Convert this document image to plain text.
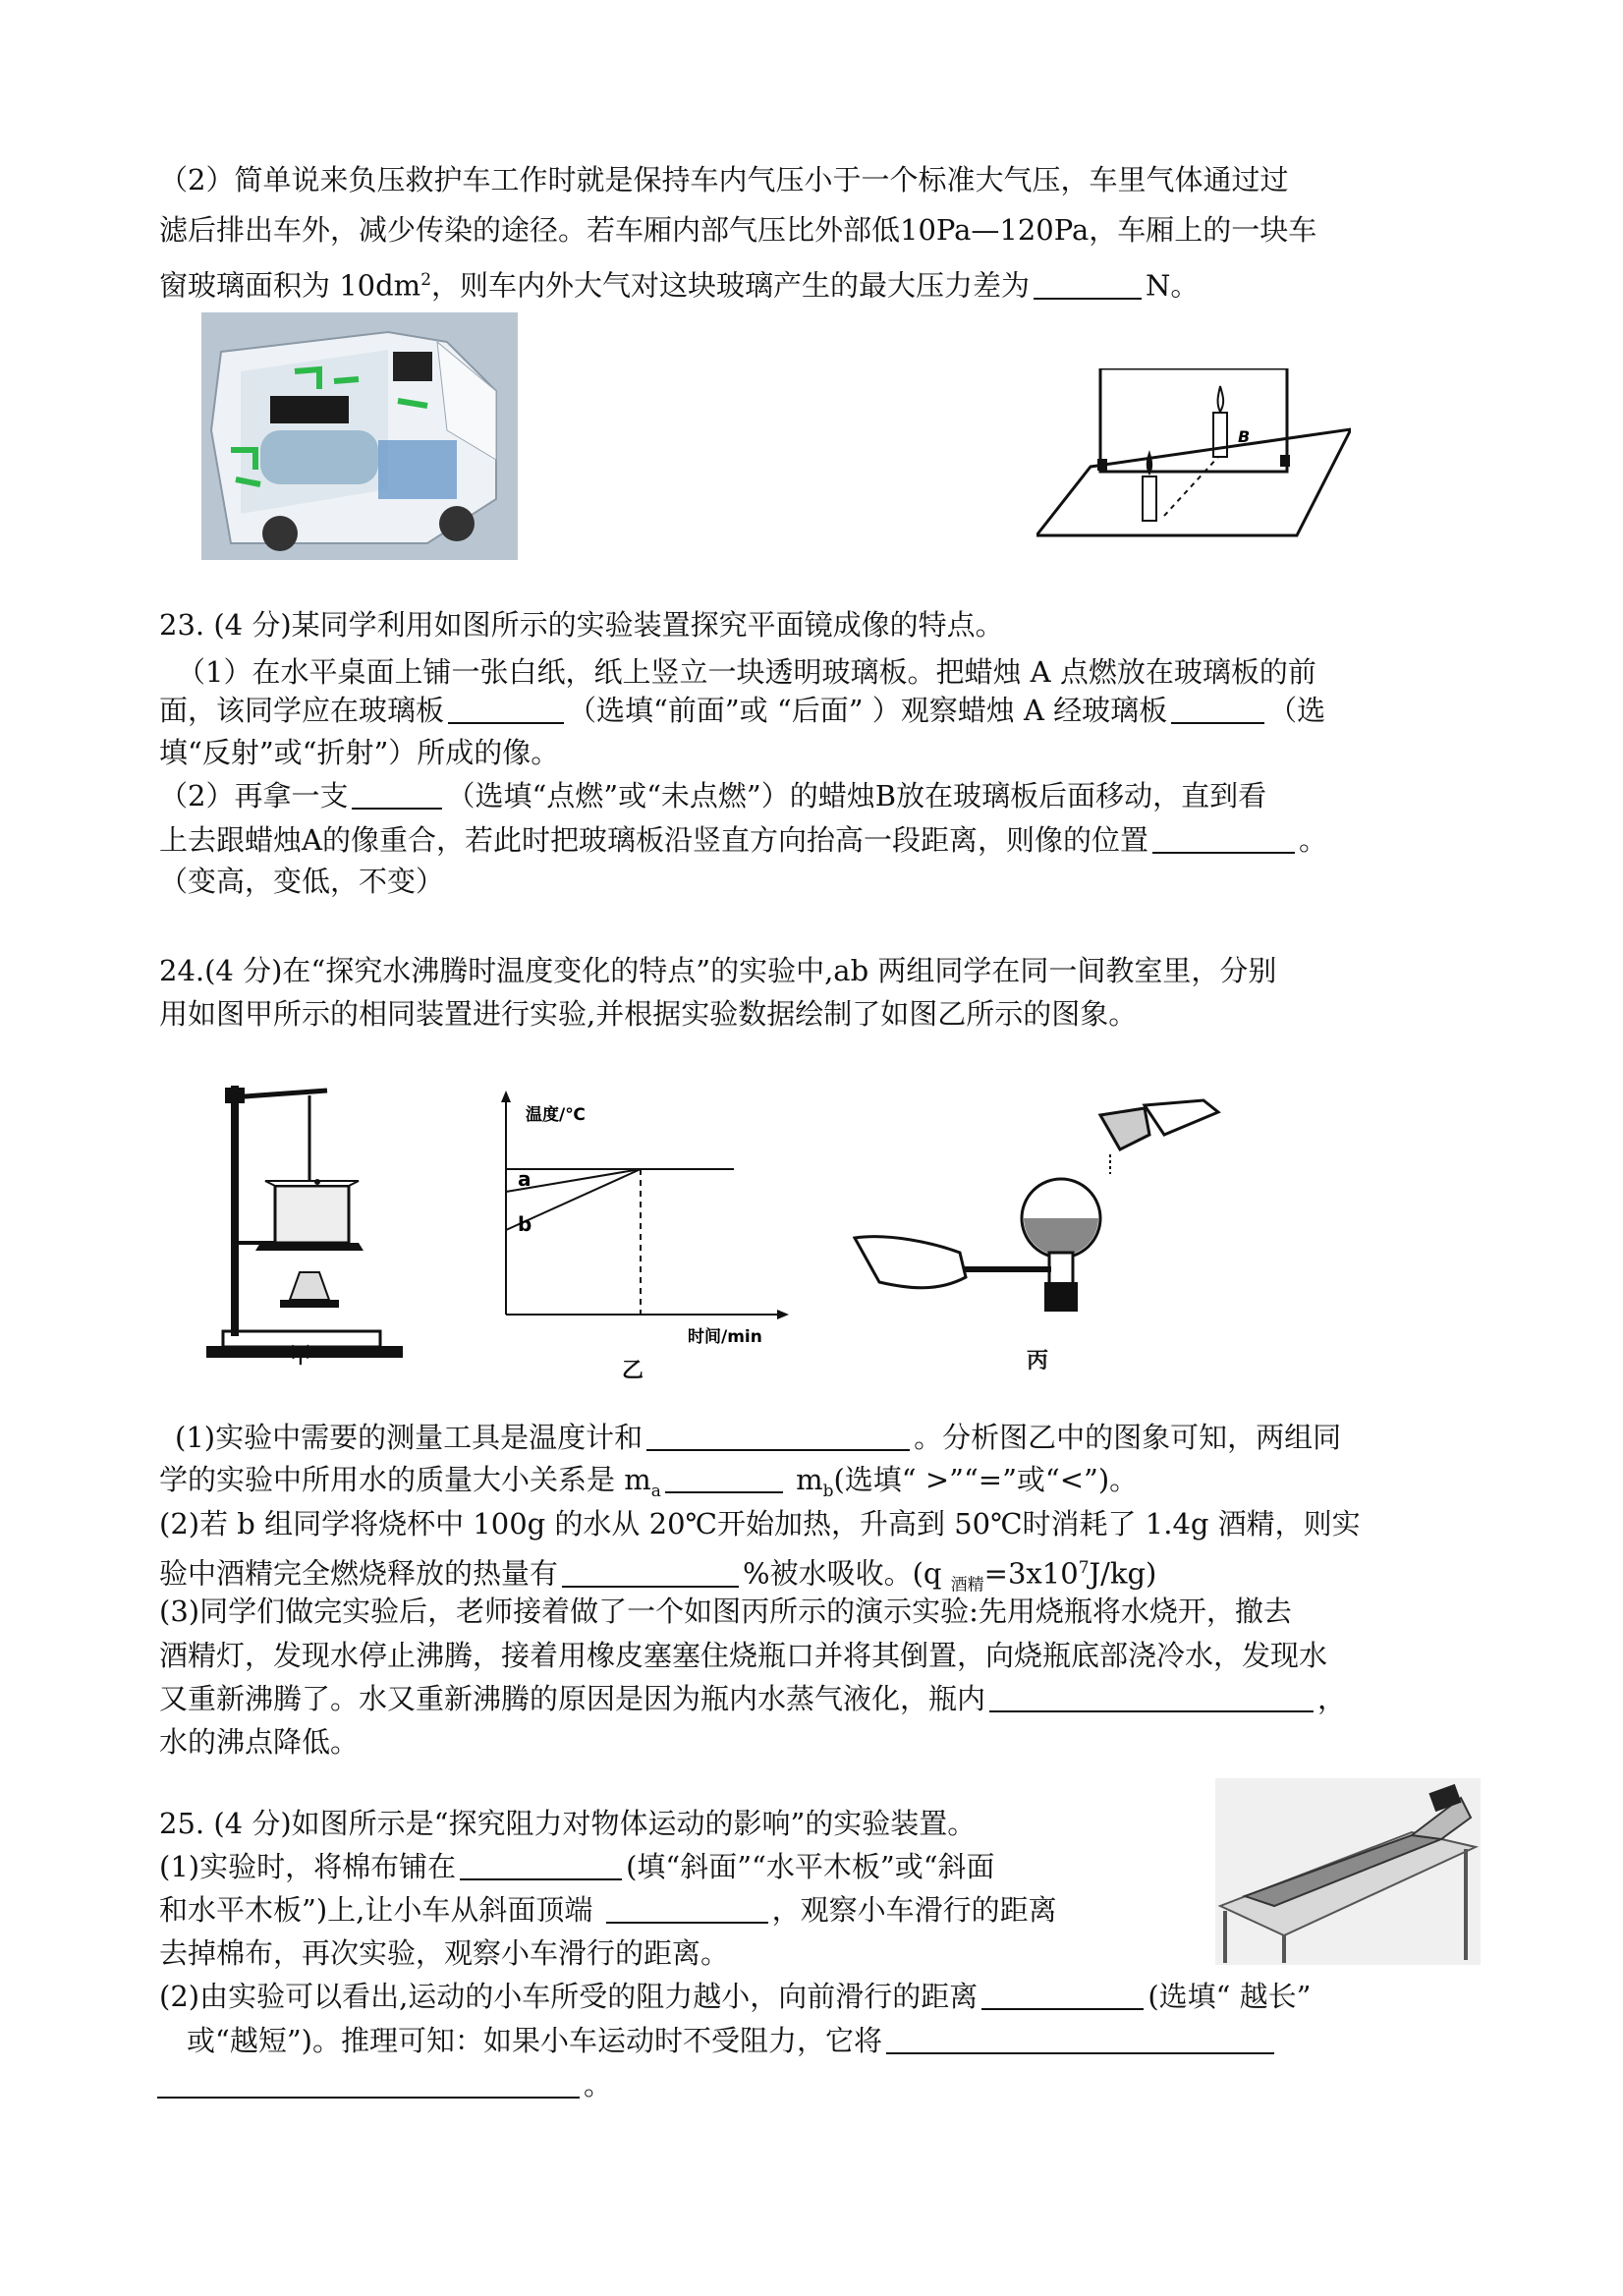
（2）简单说来负压救护车工作时就是保持车内气压小于一个标准大气压，车里气体通过过
滤后排出车外，减少传染的途径。若车厢内部气压比外部低10Pa—120Pa，车厢上的一块车
窗玻璃面积为 $10dm^2$，则车内外大气对这块玻璃产生的最大压力差为	N。
B
23. (4 分)某同学利用如图所示的实验装置探究平面镜成像的特点。
（1）在水平桌面上铺一张白纸，纸上竖立一块透明玻璃板。把蜡烛 A 点燃放在玻璃板的前
面，该同学应在玻璃板	（选填“前面”或 “后面” ）观察蜡烛 A 经玻璃板	（选
填“反射”或“折射”）所成的像。
（2）再拿一支	（选填“点燃”或“未点燃”）的蜡烛B放在玻璃板后面移动，直到看
上去跟蜡烛A的像重合，若此时把玻璃板沿竖直方向抬高一段距离，则像的位置	。
（变高，变低，不变）
24.(4 分)在“探究水沸腾时温度变化的特点”的实验中,ab 两组同学在同一间教室里，分别
用如图甲所示的相同装置进行实验,并根据实验数据绘制了如图乙所示的图象。
甲
温度/℃
时间/min
a
b
乙	丙
(1)实验中需要的测量工具是温度计和	。分析图乙中的图象可知，两组同
学的实验中所用水的质量大小关系是 $m_a$	$m_b$(选填“ >”“=”或“<”)。
(2)若 b 组同学将烧杯中 100g 的水从 20℃开始加热，升高到 50℃时消耗了 1.4g 酒精，则实
验中酒精完全燃烧释放的热量有	%被水吸收。(q $_{酒精}=3x10^7J/kg$)
(3)同学们做完实验后，老师接着做了一个如图丙所示的演示实验:先用烧瓶将水烧开，撤去
酒精灯，发现水停止沸腾，接着用橡皮塞塞住烧瓶口并将其倒置，向烧瓶底部浇冷水，发现水
又重新沸腾了。水又重新沸腾的原因是因为瓶内水蒸气液化，瓶内	，
水的沸点降低。
25. (4 分)如图所示是“探究阻力对物体运动的影响”的实验装置。
(1)实验时，将棉布铺在	(填“斜面”“水平木板”或“斜面
和水平木板”)上,让小车从斜面顶端	，观察小车滑行的距离
去掉棉布，再次实验，观察小车滑行的距离。
(2)由实验可以看出,运动的小车所受的阻力越小，向前滑行的距离	(选填“ 越长”
或“越短”)。推理可知：如果小车运动时不受阻力，它将
。
